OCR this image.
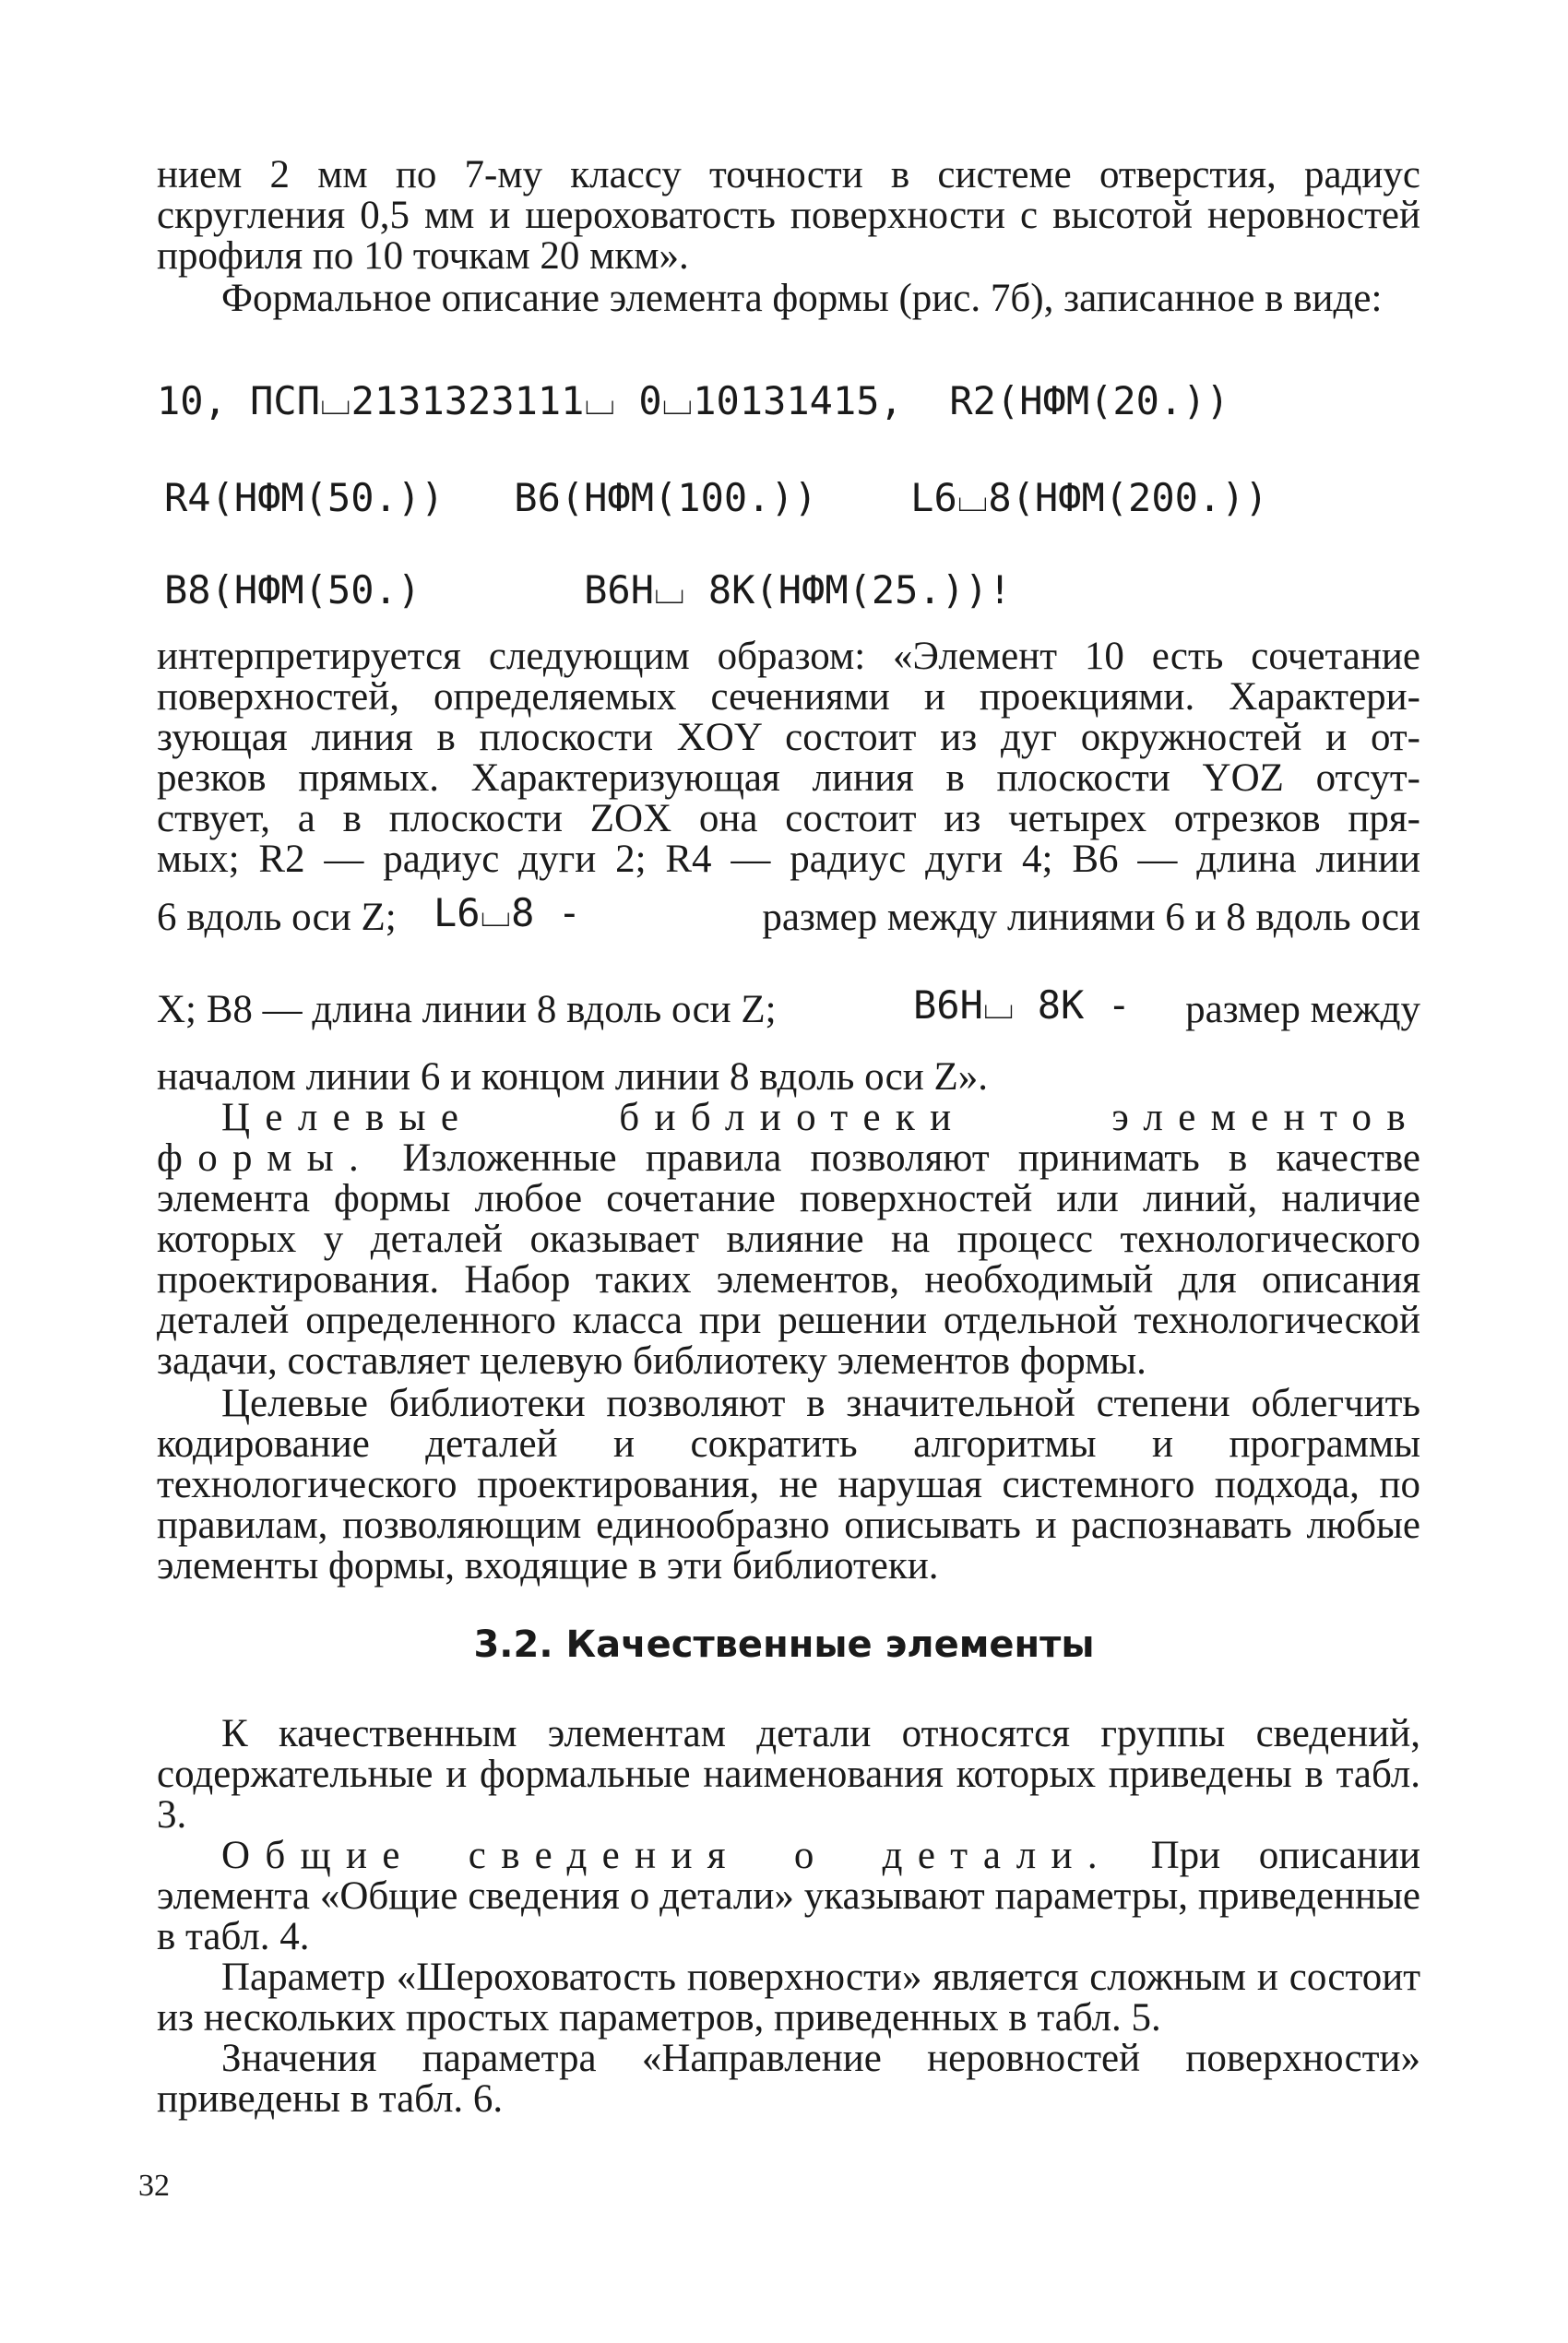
нием 2 мм по 7-му классу точности в системе отверстия, радиус скругления 0,5 мм и шероховатость поверхности с высотой неровностей профиля по 10 точкам 20 мкм».

Формальное описание элемента формы (рис. 7б), записанное в виде:

10, ПСП⌴2131323111⌴ 0⌴10131415,  R2(НФМ(20.))
R4(НФМ(50.))   B6(НФМ(100.))    L6⌴8(НФМ(200.))
B8(НФМ(50.)       B6H⌴ 8K(НФМ(25.))!

интерпретируется следующим образом: «Элемент 10 есть сочетание

поверхностей, определяемых сечениями и проекциями. Характери-

зующая линия в плоскости XOY состоит из дуг окружностей и от-

резков прямых. Характеризующая линия в плоскости YOZ отсут-

ствует, а в плоскости ZOX она состоит из четырех отрезков пря-

мых; R2 — радиус дуги 2; R4 — радиус дуги 4; В6 — длина линии

6 вдоль оси Z; L6⌴8 -	размер между линиями 6 и 8 вдоль оси
X; В8 — длина линии 8 вдоль оси Z;	B6H⌴ 8K - размер между

началом линии 6 и концом линии 8 вдоль оси Z».

Целевые библиотеки элементов формы. Изложенные правила позволяют принимать в качестве элемента формы любое сочетание поверхностей или линий, наличие которых у деталей оказывает влияние на процесс технологического проектирования. Набор таких элементов, необходимый для описания деталей определенного класса при решении отдельной технологической задачи, составляет целевую библиотеку элементов формы.

Целевые библиотеки позволяют в значительной степени облегчить кодирование деталей и сократить алгоритмы и программы технологического проектирования, не нарушая системного подхода, по правилам, позволяющим единообразно описывать и распознавать любые элементы формы, входящие в эти библиотеки.

3.2. Качественные элементы

К качественным элементам детали относятся группы сведений, содержательные и формальные наименования которых приведены в табл. 3.

Общие сведения о детали. При описании элемента «Общие сведения о детали» указывают параметры, приведенные в табл. 4.

Параметр «Шероховатость поверхности» является сложным и состоит из нескольких простых параметров, приведенных в табл. 5.

Значения параметра «Направление неровностей поверхности» приведены в табл. 6.

32
